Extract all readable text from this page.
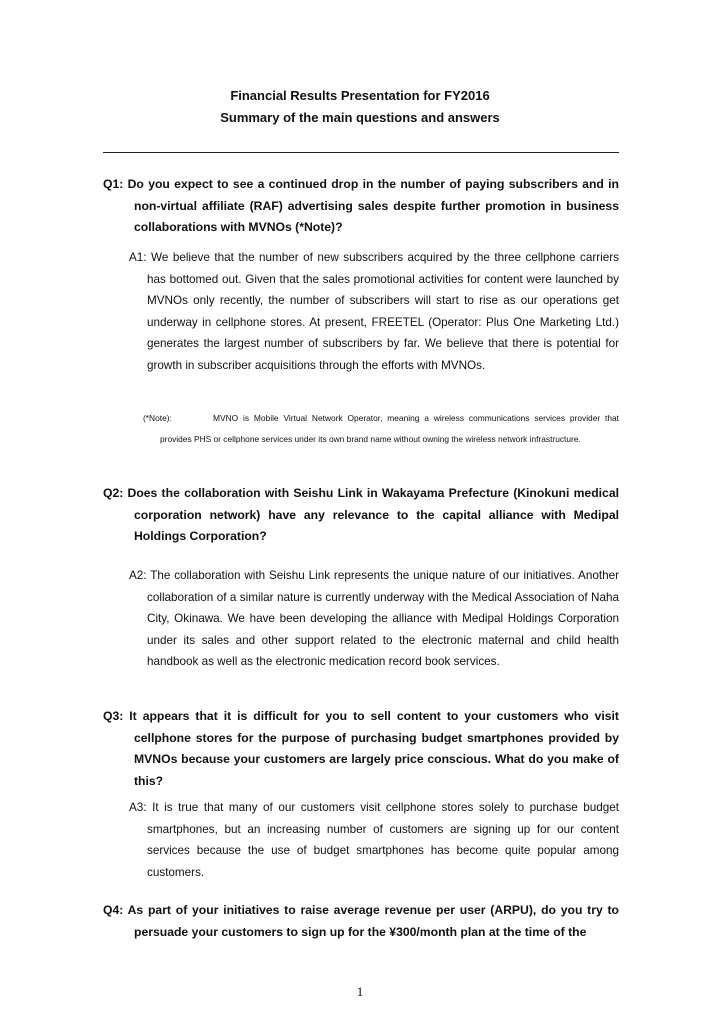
Financial Results Presentation for FY2016
Summary of the main questions and answers
Q1: Do you expect to see a continued drop in the number of paying subscribers and in non-virtual affiliate (RAF) advertising sales despite further promotion in business collaborations with MVNOs (*Note)?
A1: We believe that the number of new subscribers acquired by the three cellphone carriers has bottomed out. Given that the sales promotional activities for content were launched by MVNOs only recently, the number of subscribers will start to rise as our operations get underway in cellphone stores. At present, FREETEL (Operator: Plus One Marketing Ltd.) generates the largest number of subscribers by far. We believe that there is potential for growth in subscriber acquisitions through the efforts with MVNOs.
(*Note):	MVNO is Mobile Virtual Network Operator, meaning a wireless communications services provider that provides PHS or cellphone services under its own brand name without owning the wireless network infrastructure.
Q2: Does the collaboration with Seishu Link in Wakayama Prefecture (Kinokuni medical corporation network) have any relevance to the capital alliance with Medipal Holdings Corporation?
A2: The collaboration with Seishu Link represents the unique nature of our initiatives. Another collaboration of a similar nature is currently underway with the Medical Association of Naha City, Okinawa. We have been developing the alliance with Medipal Holdings Corporation under its sales and other support related to the electronic maternal and child health handbook as well as the electronic medication record book services.
Q3: It appears that it is difficult for you to sell content to your customers who visit cellphone stores for the purpose of purchasing budget smartphones provided by MVNOs because your customers are largely price conscious. What do you make of this?
A3: It is true that many of our customers visit cellphone stores solely to purchase budget smartphones, but an increasing number of customers are signing up for our content services because the use of budget smartphones has become quite popular among customers.
Q4: As part of your initiatives to raise average revenue per user (ARPU), do you try to persuade your customers to sign up for the ¥300/month plan at the time of the
1
